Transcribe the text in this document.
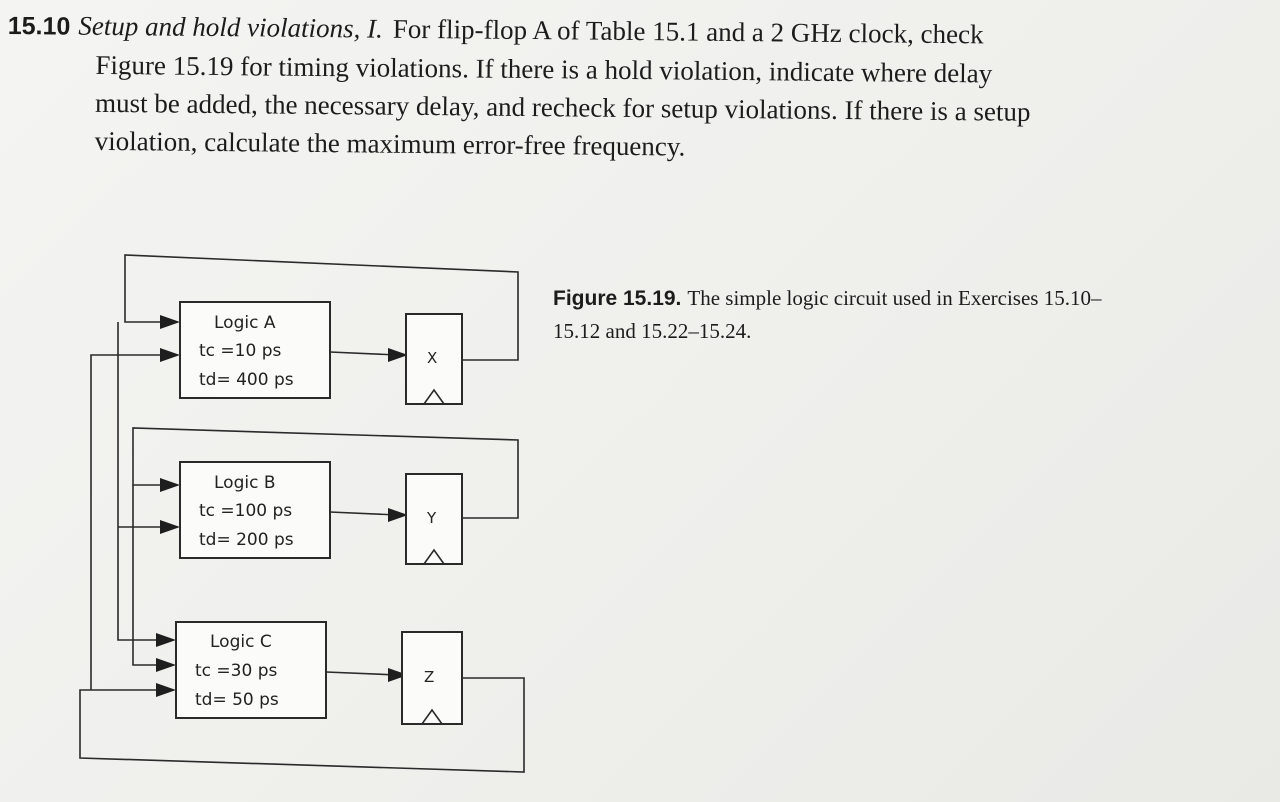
15.10 Setup and hold violations, I. For flip-flop A of Table 15.1 and a 2 GHz clock, check
Figure 15.19 for timing violations. If there is a hold violation, indicate where delay
must be added, the necessary delay, and recheck for setup violations. If there is a setup
violation, calculate the maximum error-free frequency.
Logic A
tс =10 ps
td= 400 ps
Logic B
tс =100 ps
td= 200 ps
Logic C
tс =30 ps
td= 50 ps
X
Y
Z
Figure 15.19. The simple logic circuit used in Exercises 15.10–15.12 and 15.22–15.24.
